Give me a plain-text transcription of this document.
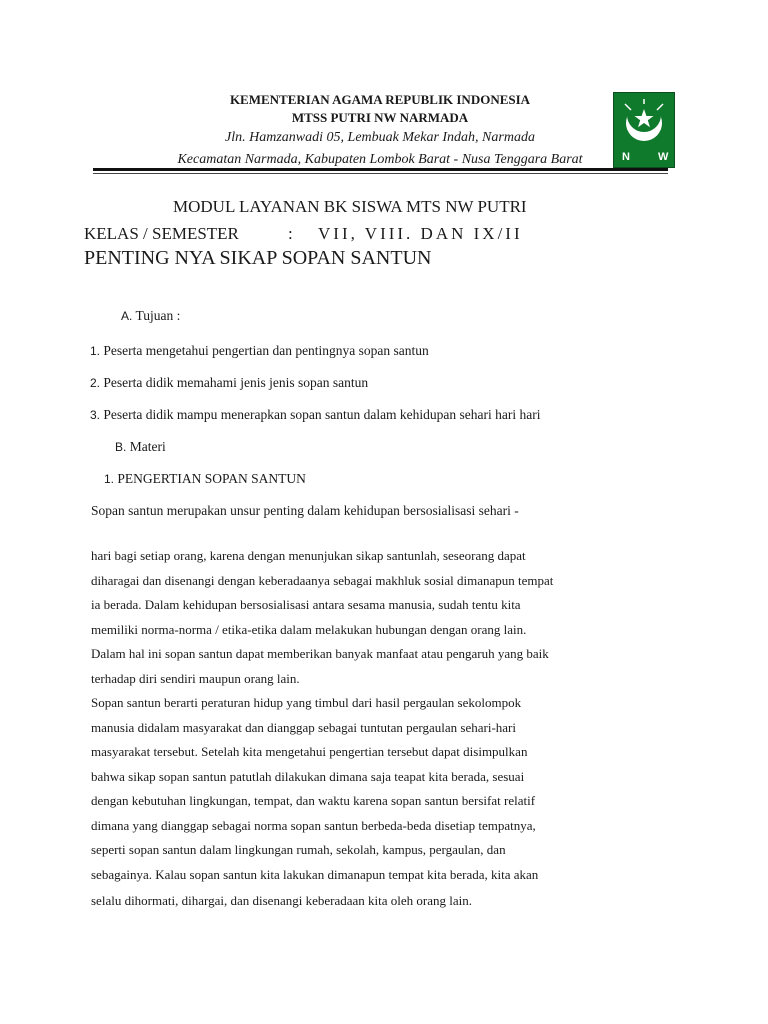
KEMENTERIAN AGAMA REPUBLIK INDONESIA
MTSS PUTRI NW NARMADA
Jln. Hamzanwadi 05, Lembuak Mekar Indah, Narmada
Kecamatan Narmada, Kabupaten Lombok Barat - Nusa Tenggara Barat	N	W
MODUL LAYANAN BK SISWA MTS NW PUTRI
KELAS / SEMESTER	: VII, VIII. DAN IX/II
PENTING NYA SIKAP SOPAN SANTUN
A. Tujuan :
1. Peserta mengetahui pengertian dan pentingnya sopan santun
2. Peserta didik memahami jenis jenis sopan santun
3. Peserta didik mampu menerapkan sopan santun dalam kehidupan sehari hari hari
B. Materi
1. PENGERTIAN SOPAN SANTUN
Sopan santun merupakan unsur penting dalam kehidupan bersosialisasi sehari -

hari bagi setiap orang, karena dengan menunjukan sikap santunlah, seseorang dapat

diharagai dan disenangi dengan keberadaanya sebagai makhluk sosial dimanapun tempat

ia berada. Dalam kehidupan bersosialisasi antara sesama manusia, sudah tentu kita

memiliki norma-norma / etika-etika dalam melakukan hubungan dengan orang lain.

Dalam hal ini sopan santun dapat memberikan banyak manfaat atau pengaruh yang baik

terhadap diri sendiri maupun orang lain.

Sopan santun berarti peraturan hidup yang timbul dari hasil pergaulan sekolompok

manusia didalam masyarakat dan dianggap sebagai tuntutan pergaulan sehari-hari

masyarakat tersebut. Setelah kita mengetahui pengertian tersebut dapat disimpulkan

bahwa sikap sopan santun patutlah dilakukan dimana saja teapat kita berada, sesuai

dengan kebutuhan lingkungan, tempat, dan waktu karena sopan santun bersifat relatif

dimana yang dianggap sebagai norma sopan santun berbeda-beda disetiap tempatnya,

seperti sopan santun dalam lingkungan rumah, sekolah, kampus, pergaulan, dan

sebagainya. Kalau sopan santun kita lakukan dimanapun tempat kita berada, kita akan

selalu dihormati, dihargai, dan disenangi keberadaan kita oleh orang lain.
